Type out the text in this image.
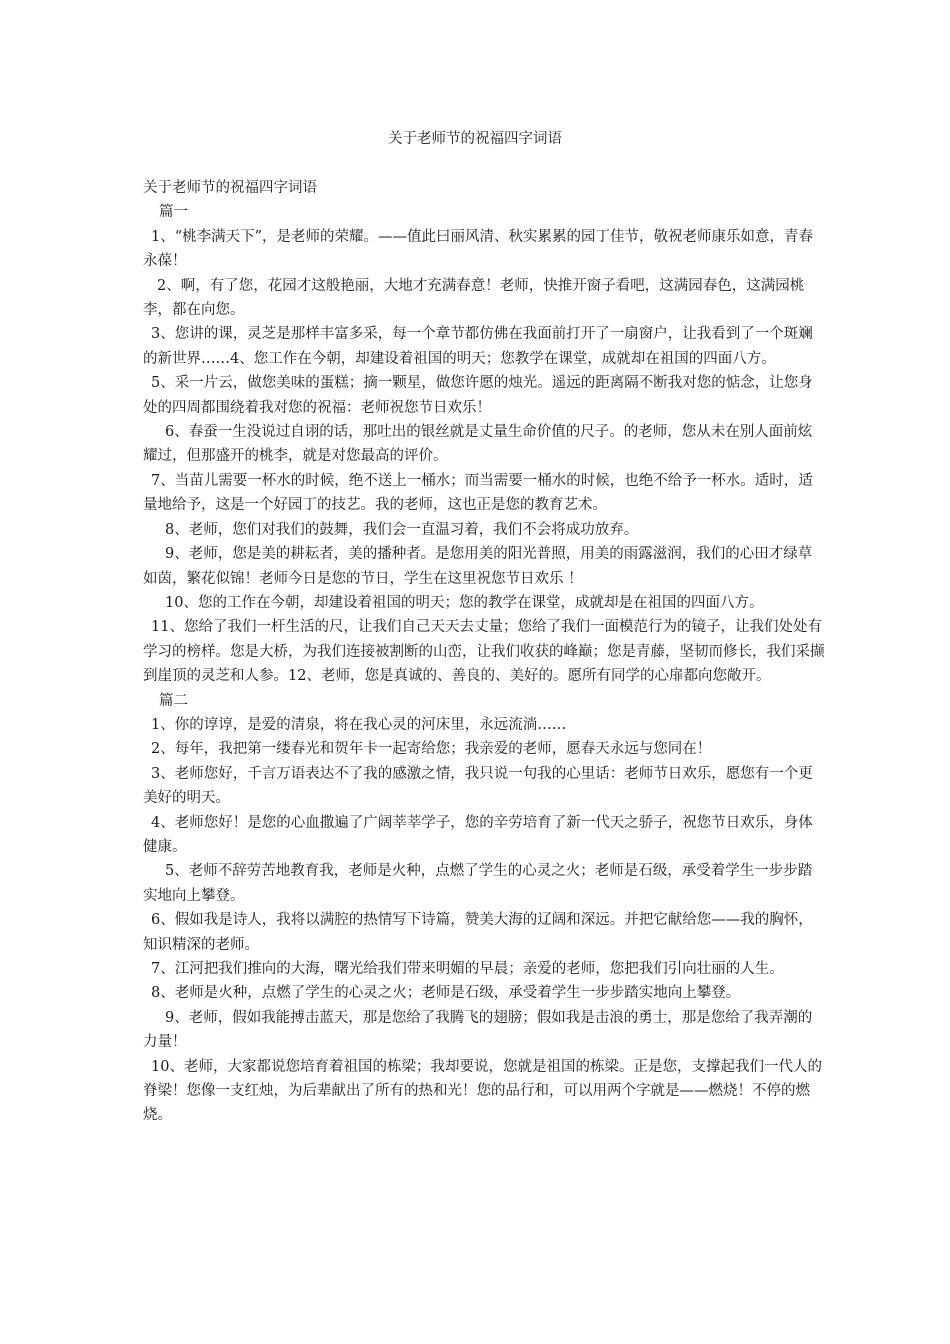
关于老师节的祝福四字词语

关于老师节的祝福四字词语

篇一

1、“桃李满天下”，是老师的荣耀。——值此曰丽风清、秋实累累的园丁佳节，敬祝老师康乐如意，青春永葆！

2、啊，有了您，花园才这般艳丽，大地才充满春意！老师，快推开窗子看吧，这满园春色，这满园桃李，都在向您。

3、您讲的课，灵芝是那样丰富多采，每一个章节都仿佛在我面前打开了一扇窗户，让我看到了一个斑斓的新世界……4、您工作在今朝，却建设着祖国的明天；您教学在课堂，成就却在祖国的四面八方。

5、采一片云，做您美味的蛋糕；摘一颗星，做您许愿的烛光。遥远的距离隔不断我对您的惦念，让您身处的四周都围绕着我对您的祝福：老师祝您节日欢乐！

6、春蚕一生没说过自诩的话，那吐出的银丝就是丈量生命价值的尺子。的老师，您从未在别人面前炫耀过，但那盛开的桃李，就是对您最高的评价。

7、当苗儿需要一杯水的时候，绝不送上一桶水；而当需要一桶水的时候，也绝不给予一杯水。适时，适量地给予，这是一个好园丁的技艺。我的老师，这也正是您的教育艺术。

8、老师，您们对我们的鼓舞，我们会一直温习着，我们不会将成功放弃。

9、老师，您是美的耕耘者，美的播种者。是您用美的阳光普照，用美的雨露滋润，我们的心田才绿草如茵，繁花似锦！老师今日是您的节日，学生在这里祝您节日欢乐 ！

10、您的工作在今朝，却建设着祖国的明天；您的教学在课堂，成就却是在祖国的四面八方。

11、您给了我们一杆生活的尺，让我们自己天天去丈量；您给了我们一面模范行为的镜子，让我们处处有学习的榜样。您是大桥，为我们连接被割断的山峦，让我们收获的峰巅；您是青藤，坚韧而修长，我们采撷到崖顶的灵芝和人参。12、老师，您是真诚的、善良的、美好的。愿所有同学的心扉都向您敞开。

篇二

1、你的谆谆，是爱的清泉，将在我心灵的河床里，永远流淌……

2、每年，我把第一缕春光和贺年卡一起寄给您；我亲爱的老师，愿春天永远与您同在！

3、老师您好，千言万语表达不了我的感激之情，我只说一句我的心里话：老师节日欢乐，愿您有一个更美好的明天。

4、老师您好！是您的心血撒遍了广阔莘莘学子，您的辛劳培育了新一代天之骄子，祝您节日欢乐，身体健康。

5、老师不辞劳苦地教育我，老师是火种，点燃了学生的心灵之火；老师是石级，承受着学生一步步踏实地向上攀登。

6、假如我是诗人，我将以满腔的热情写下诗篇，赞美大海的辽阔和深远。并把它献给您——我的胸怀，知识精深的老师。

7、江河把我们推向的大海，曙光给我们带来明媚的早晨；亲爱的老师，您把我们引向壮丽的人生。

8、老师是火种，点燃了学生的心灵之火；老师是石级，承受着学生一步步踏实地向上攀登。

9、老师，假如我能搏击蓝天，那是您给了我腾飞的翅膀；假如我是击浪的勇士，那是您给了我弄潮的力量！

10、老师，大家都说您培育着祖国的栋梁；我却要说，您就是祖国的栋梁。正是您，支撑起我们一代人的脊梁！您像一支红烛，为后辈献出了所有的热和光！您的品行和，可以用两个字就是——燃烧！不停的燃烧。
